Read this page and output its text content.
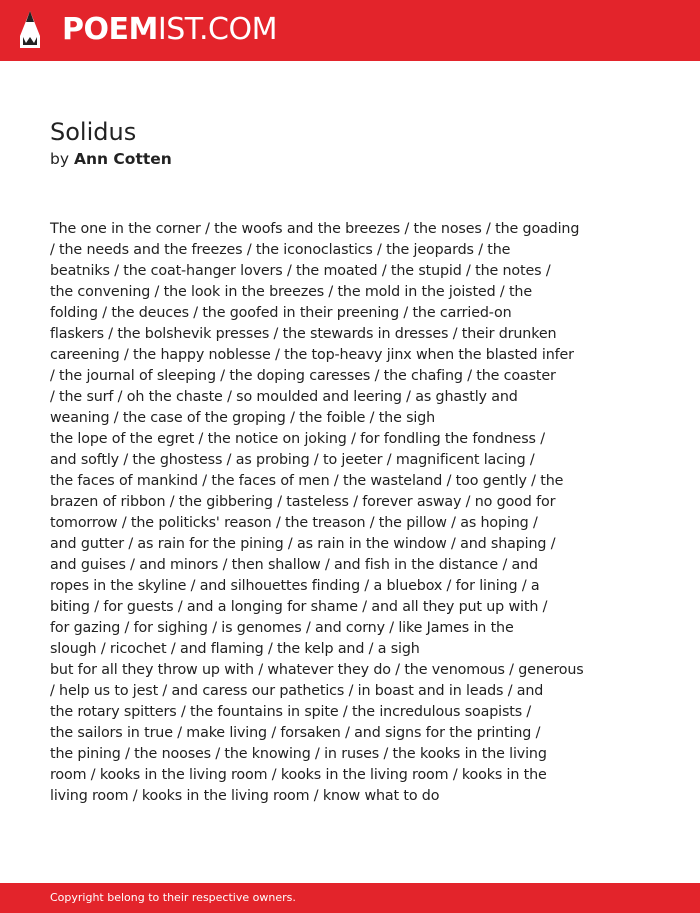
POEMIST.COM
Solidus
by Ann Cotten
The one in the corner / the woofs and the breezes / the noses / the goading
/ the needs and the freezes / the iconoclastics / the jeopards / the
beatniks / the coat-hanger lovers / the moated / the stupid / the notes /
the convening / the look in the breezes / the mold in the joisted / the
folding / the deuces / the goofed in their preening / the carried-on
flaskers / the bolshevik presses / the stewards in dresses / their drunken
careening / the happy noblesse / the top-heavy jinx when the blasted infer
/ the journal of sleeping / the doping caresses / the chafing / the coaster
/ the surf / oh the chaste / so moulded and leering / as ghastly and
weaning / the case of the groping / the foible / the sigh
the lope of the egret / the notice on joking / for fondling the fondness /
and softly / the ghostess / as probing / to jeeter / magnificent lacing /
the faces of mankind / the faces of men / the wasteland / too gently / the
brazen of ribbon / the gibbering / tasteless / forever asway / no good for
tomorrow / the politicks' reason / the treason / the pillow / as hoping /
and gutter / as rain for the pining / as rain in the window / and shaping /
and guises / and minors / then shallow / and fish in the distance / and
ropes in the skyline / and silhouettes finding / a bluebox / for lining / a
biting / for guests / and a longing for shame / and all they put up with /
for gazing / for sighing / is genomes / and corny / like James in the
slough / ricochet / and flaming / the kelp and / a sigh
but for all they throw up with / whatever they do / the venomous / generous
/ help us to jest / and caress our pathetics / in boast and in leads / and
the rotary spitters / the fountains in spite / the incredulous soapists /
the sailors in true / make living / forsaken / and signs for the printing /
the pining / the nooses / the knowing / in ruses / the kooks in the living
room / kooks in the living room / kooks in the living room / kooks in the
living room / kooks in the living room / know what to do
Copyright belong to their respective owners.
